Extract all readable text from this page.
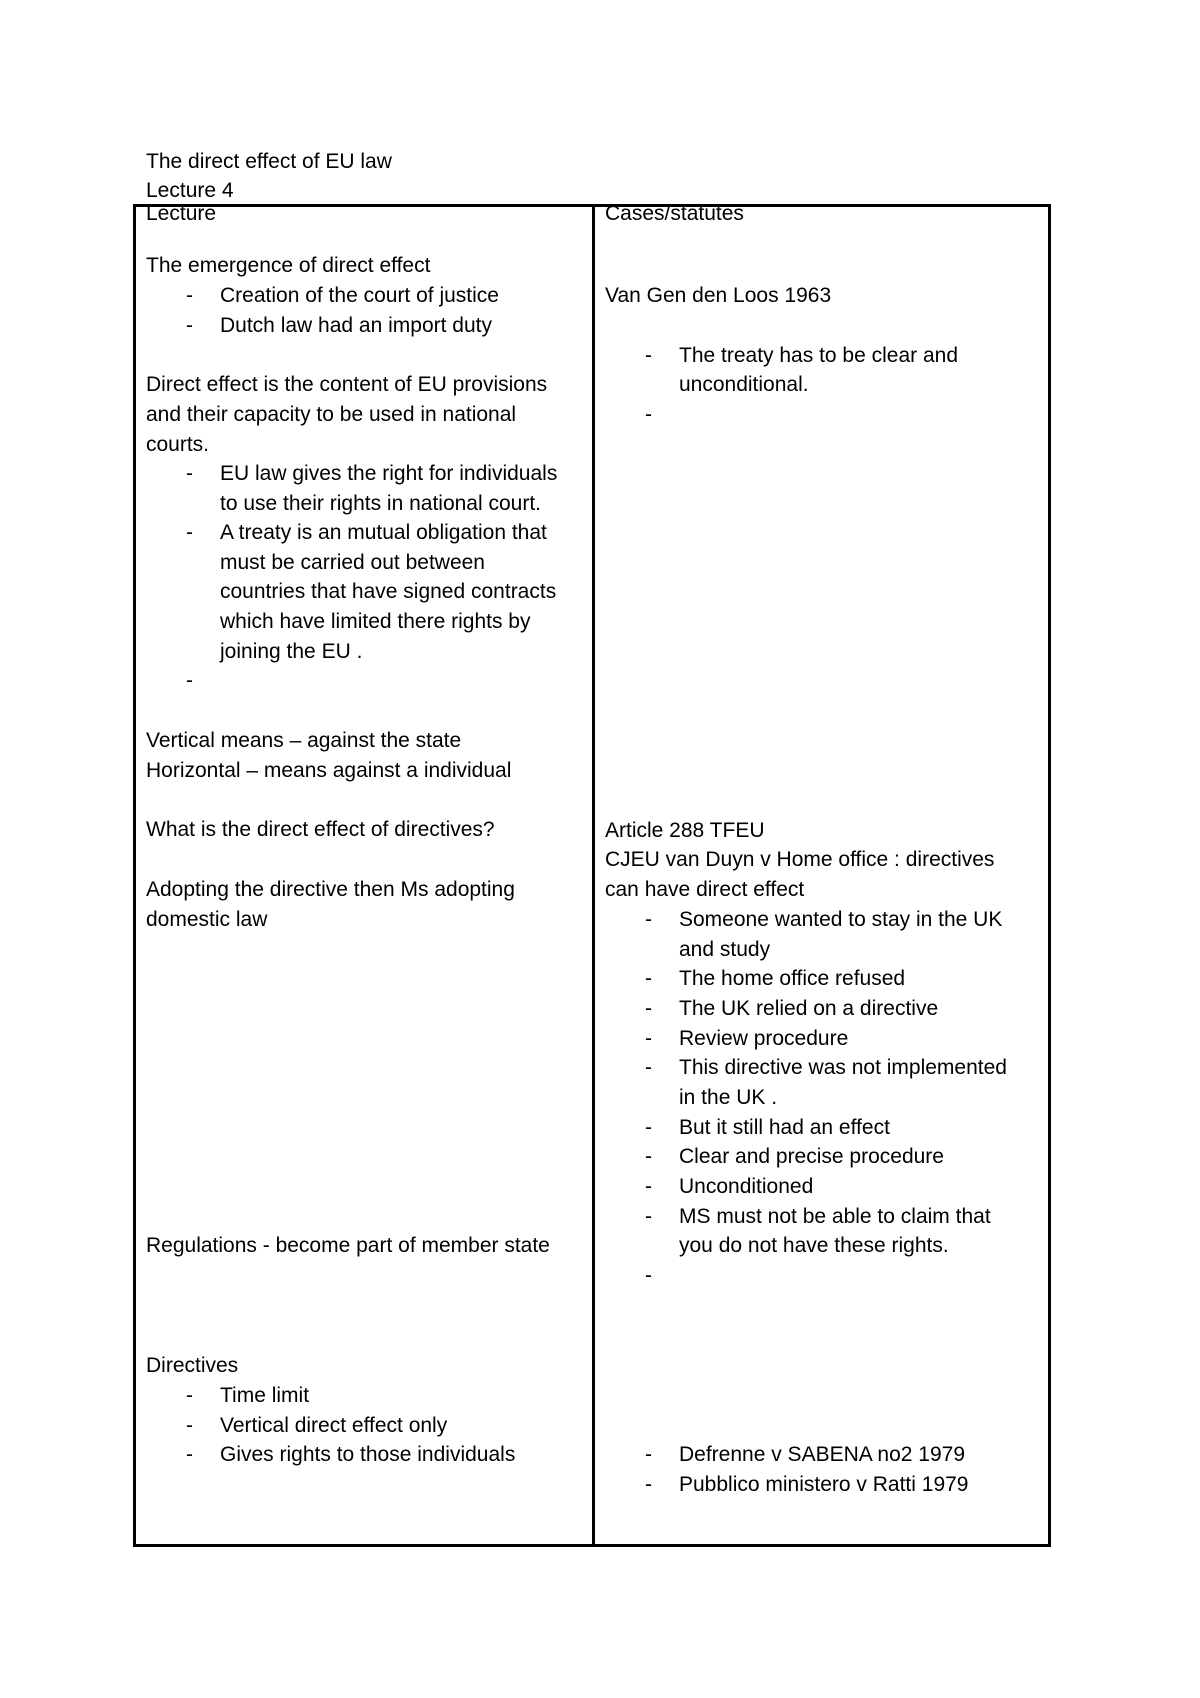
The direct effect of EU law

Lecture 4

Lecture	Cases/statutes
The emergence of direct effect
- Creation of the court of justice
- Dutch law had an import duty
Direct effect is the content of EU provisions
and their capacity to be used in national
courts.
- EU law gives the right for individuals
to use their rights in national court.
- A treaty is an mutual obligation that
must be carried out between
countries that have signed contracts
which have limited there rights by
joining the EU .
-
Vertical means – against the state
Horizontal – means against a individual
What is the direct effect of directives?
Adopting the directive then Ms adopting
domestic law
Regulations - become part of member state
Directives
- Time limit
- Vertical direct effect only
- Gives rights to those individuals
Van Gen den Loos 1963
- The treaty has to be clear and
unconditional.
-
Article 288 TFEU
CJEU van Duyn v Home office : directives
can have direct effect
- Someone wanted to stay in the UK
and study
- The home office refused
- The UK relied on a directive
- Review procedure
- This directive was not implemented
in the UK .
- But it still had an effect
- Clear and precise procedure
- Unconditioned
- MS must not be able to claim that
you do not have these rights.
-
- Defrenne v SABENA no2 1979
- Pubblico ministero v Ratti 1979
